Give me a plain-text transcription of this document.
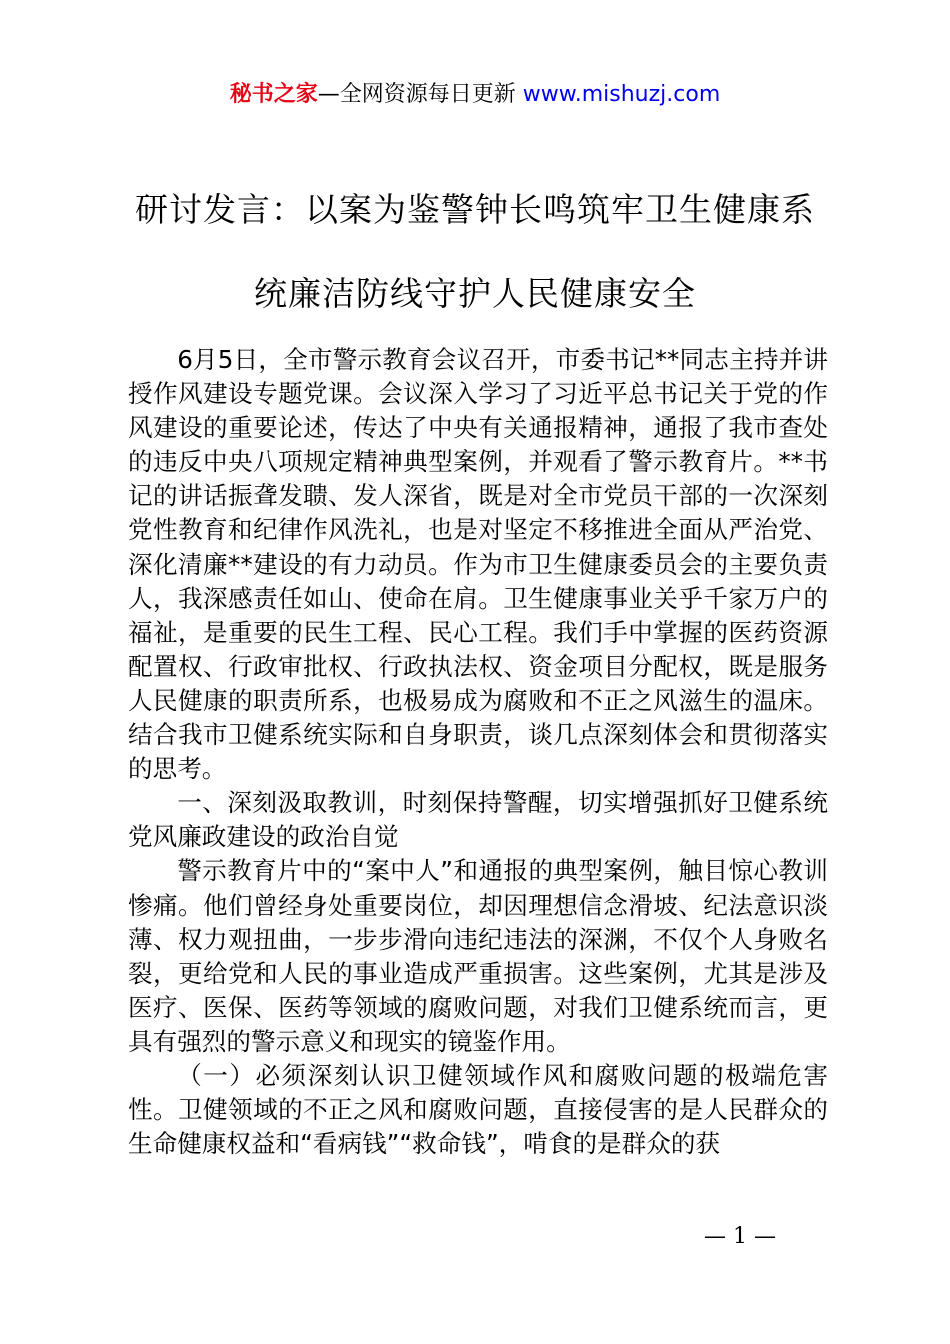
秘书之家—全网资源每日更新 www.mishuzj.com
研讨发言：以案为鉴警钟长鸣筑牢卫生健康系
统廉洁防线守护人民健康安全

6月5日，全市警示教育会议召开，市委书记**同志主持并讲授作风建设专题党课。会议深入学习了习近平总书记关于党的作风建设的重要论述，传达了中央有关通报精神，通报了我市查处的违反中央八项规定精神典型案例，并观看了警示教育片。**书记的讲话振聋发聩、发人深省，既是对全市党员干部的一次深刻党性教育和纪律作风洗礼，也是对坚定不移推进全面从严治党、深化清廉**建设的有力动员。作为市卫生健康委员会的主要负责人，我深感责任如山、使命在肩。卫生健康事业关乎千家万户的福祉，是重要的民生工程、民心工程。我们手中掌握的医药资源配置权、行政审批权、行政执法权、资金项目分配权，既是服务人民健康的职责所系，也极易成为腐败和不正之风滋生的温床。结合我市卫健系统实际和自身职责，谈几点深刻体会和贯彻落实的思考。

一、深刻汲取教训，时刻保持警醒，切实增强抓好卫健系统党风廉政建设的政治自觉

警示教育片中的“案中人”和通报的典型案例，触目惊心教训惨痛。他们曾经身处重要岗位，却因理想信念滑坡、纪法意识淡薄、权力观扭曲，一步步滑向违纪违法的深渊，不仅个人身败名裂，更给党和人民的事业造成严重损害。这些案例，尤其是涉及医疗、医保、医药等领域的腐败问题，对我们卫健系统而言，更具有强烈的警示意义和现实的镜鉴作用。

（一）必须深刻认识卫健领域作风和腐败问题的极端危害性。卫健领域的不正之风和腐败问题，直接侵害的是人民群众的生命健康权益和“看病钱”“救命钱”，啃食的是群众的获

— 1 —
